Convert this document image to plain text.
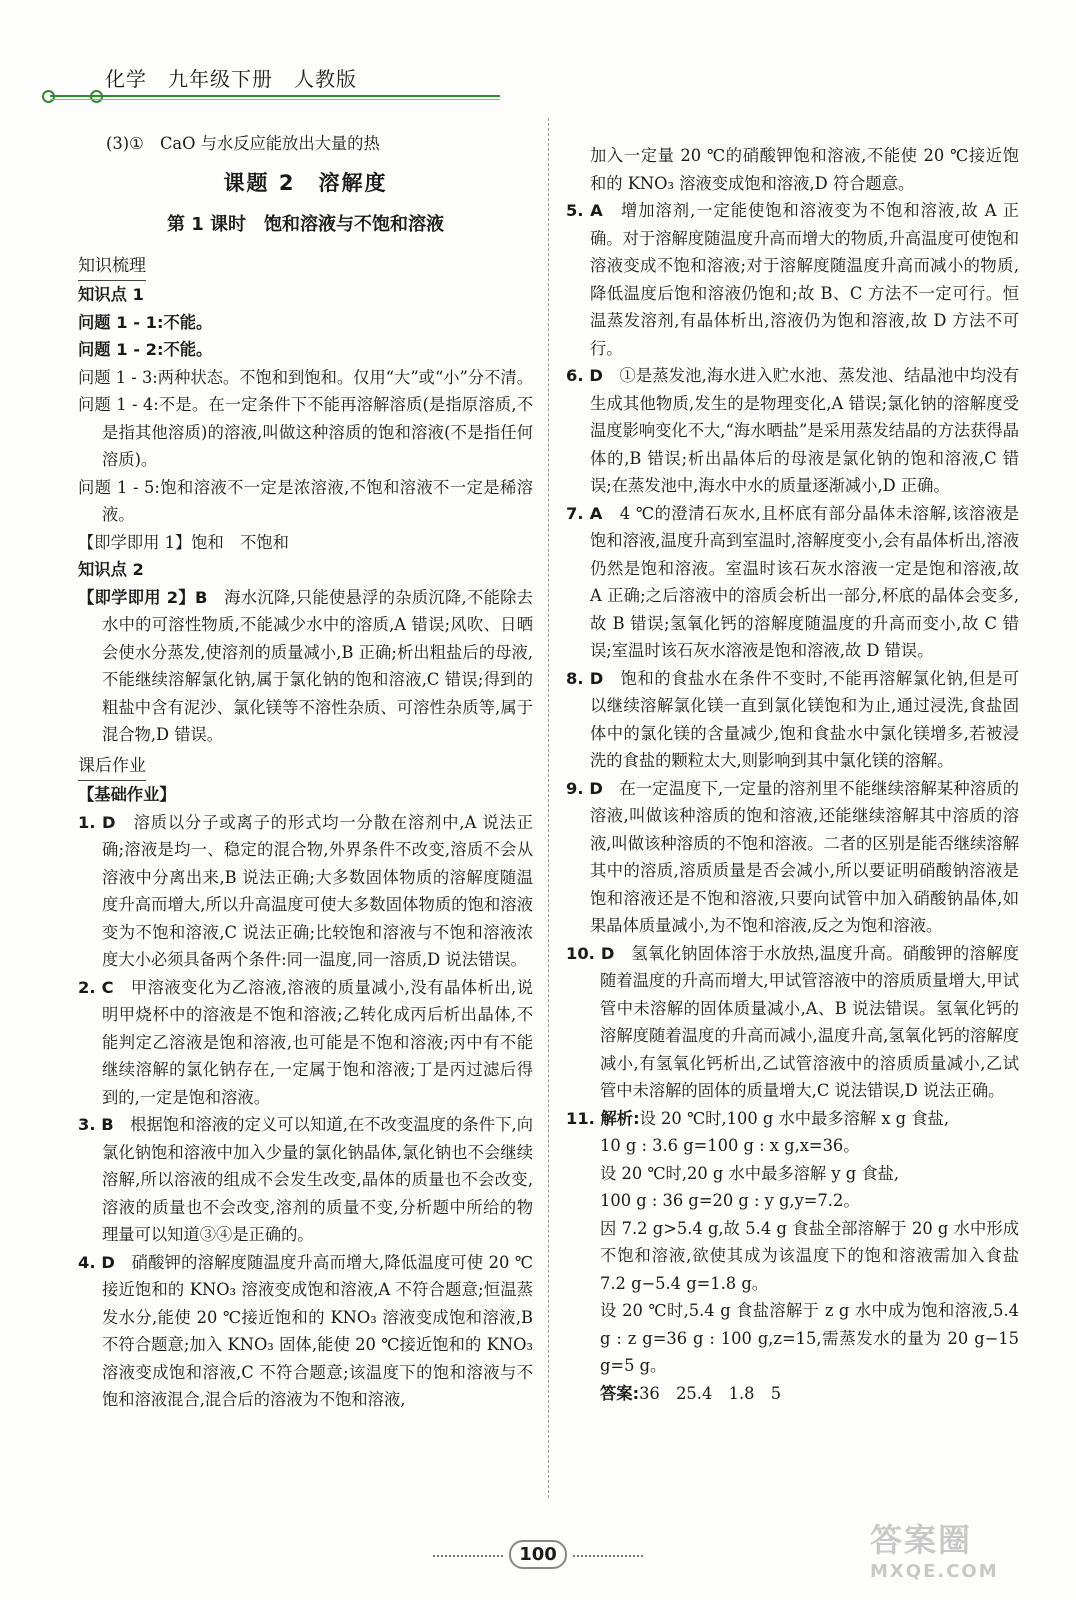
化学　九年级下册　人教版

(3)①　CaO 与水反应能放出大量的热

课题 2　溶解度
第 1 课时　饱和溶液与不饱和溶液
知识梳理

知识点 1

问题 1 - 1:不能。

问题 1 - 2:不能。

问题 1 - 3:两种状态。不饱和到饱和。仅用“大”或“小”分不清。

问题 1 - 4:不是。在一定条件下不能再溶解溶质(是指原溶质,不是指其他溶质)的溶液,叫做这种溶质的饱和溶液(不是指任何溶质)。

问题 1 - 5:饱和溶液不一定是浓溶液,不饱和溶液不一定是稀溶液。

【即学即用 1】饱和　不饱和

知识点 2

【即学即用 2】B　海水沉降,只能使悬浮的杂质沉降,不能除去水中的可溶性物质,不能减少水中的溶质,A 错误;风吹、日晒会使水分蒸发,使溶剂的质量减小,B 正确;析出粗盐后的母液,不能继续溶解氯化钠,属于氯化钠的饱和溶液,C 错误;得到的粗盐中含有泥沙、氯化镁等不溶性杂质、可溶性杂质等,属于混合物,D 错误。

课后作业

【基础作业】

1. D　溶质以分子或离子的形式均一分散在溶剂中,A 说法正确;溶液是均一、稳定的混合物,外界条件不改变,溶质不会从溶液中分离出来,B 说法正确;大多数固体物质的溶解度随温度升高而增大,所以升高温度可使大多数固体物质的饱和溶液变为不饱和溶液,C 说法正确;比较饱和溶液与不饱和溶液浓度大小必须具备两个条件:同一温度,同一溶质,D 说法错误。

2. C　甲溶液变化为乙溶液,溶液的质量减小,没有晶体析出,说明甲烧杯中的溶液是不饱和溶液;乙转化成丙后析出晶体,不能判定乙溶液是饱和溶液,也可能是不饱和溶液;丙中有不能继续溶解的氯化钠存在,一定属于饱和溶液;丁是丙过滤后得到的,一定是饱和溶液。

3. B　根据饱和溶液的定义可以知道,在不改变温度的条件下,向氯化钠饱和溶液中加入少量的氯化钠晶体,氯化钠也不会继续溶解,所以溶液的组成不会发生改变,晶体的质量也不会改变,溶液的质量也不会改变,溶剂的质量不变,分析题中所给的物理量可以知道③④是正确的。

4. D　硝酸钾的溶解度随温度升高而增大,降低温度可使 20 ℃接近饱和的 KNO₃ 溶液变成饱和溶液,A 不符合题意;恒温蒸发水分,能使 20 ℃接近饱和的 KNO₃ 溶液变成饱和溶液,B 不符合题意;加入 KNO₃ 固体,能使 20 ℃接近饱和的 KNO₃ 溶液变成饱和溶液,C 不符合题意;该温度下的饱和溶液与不饱和溶液混合,混合后的溶液为不饱和溶液,

加入一定量 20 ℃的硝酸钾饱和溶液,不能使 20 ℃接近饱和的 KNO₃ 溶液变成饱和溶液,D 符合题意。

5. A　增加溶剂,一定能使饱和溶液变为不饱和溶液,故 A 正确。对于溶解度随温度升高而增大的物质,升高温度可使饱和溶液变成不饱和溶液;对于溶解度随温度升高而减小的物质,降低温度后饱和溶液仍饱和;故 B、C 方法不一定可行。恒温蒸发溶剂,有晶体析出,溶液仍为饱和溶液,故 D 方法不可行。

6. D　①是蒸发池,海水进入贮水池、蒸发池、结晶池中均没有生成其他物质,发生的是物理变化,A 错误;氯化钠的溶解度受温度影响变化不大,“海水晒盐”是采用蒸发结晶的方法获得晶体的,B 错误;析出晶体后的母液是氯化钠的饱和溶液,C 错误;在蒸发池中,海水中水的质量逐渐减小,D 正确。

7. A　4 ℃的澄清石灰水,且杯底有部分晶体未溶解,该溶液是饱和溶液,温度升高到室温时,溶解度变小,会有晶体析出,溶液仍然是饱和溶液。室温时该石灰水溶液一定是饱和溶液,故 A 正确;之后溶液中的溶质会析出一部分,杯底的晶体会变多,故 B 错误;氢氧化钙的溶解度随温度的升高而变小,故 C 错误;室温时该石灰水溶液是饱和溶液,故 D 错误。

8. D　饱和的食盐水在条件不变时,不能再溶解氯化钠,但是可以继续溶解氯化镁一直到氯化镁饱和为止,通过浸洗,食盐固体中的氯化镁的含量减少,饱和食盐水中氯化镁增多,若被浸洗的食盐的颗粒太大,则影响到其中氯化镁的溶解。

9. D　在一定温度下,一定量的溶剂里不能继续溶解某种溶质的溶液,叫做该种溶质的饱和溶液,还能继续溶解其中溶质的溶液,叫做该种溶质的不饱和溶液。二者的区别是能否继续溶解其中的溶质,溶质质量是否会减小,所以要证明硝酸钠溶液是饱和溶液还是不饱和溶液,只要向试管中加入硝酸钠晶体,如果晶体质量减小,为不饱和溶液,反之为饱和溶液。

10. D　氢氧化钠固体溶于水放热,温度升高。硝酸钾的溶解度随着温度的升高而增大,甲试管溶液中的溶质质量增大,甲试管中未溶解的固体质量减小,A、B 说法错误。氢氧化钙的溶解度随着温度的升高而减小,温度升高,氢氧化钙的溶解度减小,有氢氧化钙析出,乙试管溶液中的溶质质量减小,乙试管中未溶解的固体的质量增大,C 说法错误,D 说法正确。

11. 解析:设 20 ℃时,100 g 水中最多溶解 x g 食盐,

10 g : 3.6 g=100 g : x g,x=36。

设 20 ℃时,20 g 水中最多溶解 y g 食盐,

100 g : 36 g=20 g : y g,y=7.2。

因 7.2 g>5.4 g,故 5.4 g 食盐全部溶解于 20 g 水中形成不饱和溶液,欲使其成为该温度下的饱和溶液需加入食盐 7.2 g−5.4 g=1.8 g。

设 20 ℃时,5.4 g 食盐溶解于 z g 水中成为饱和溶液,5.4 g : z g=36 g : 100 g,z=15,需蒸发水的量为 20 g−15 g=5 g。

答案:36　25.4　1.8　5

100	答案圈
MXQE.COM
